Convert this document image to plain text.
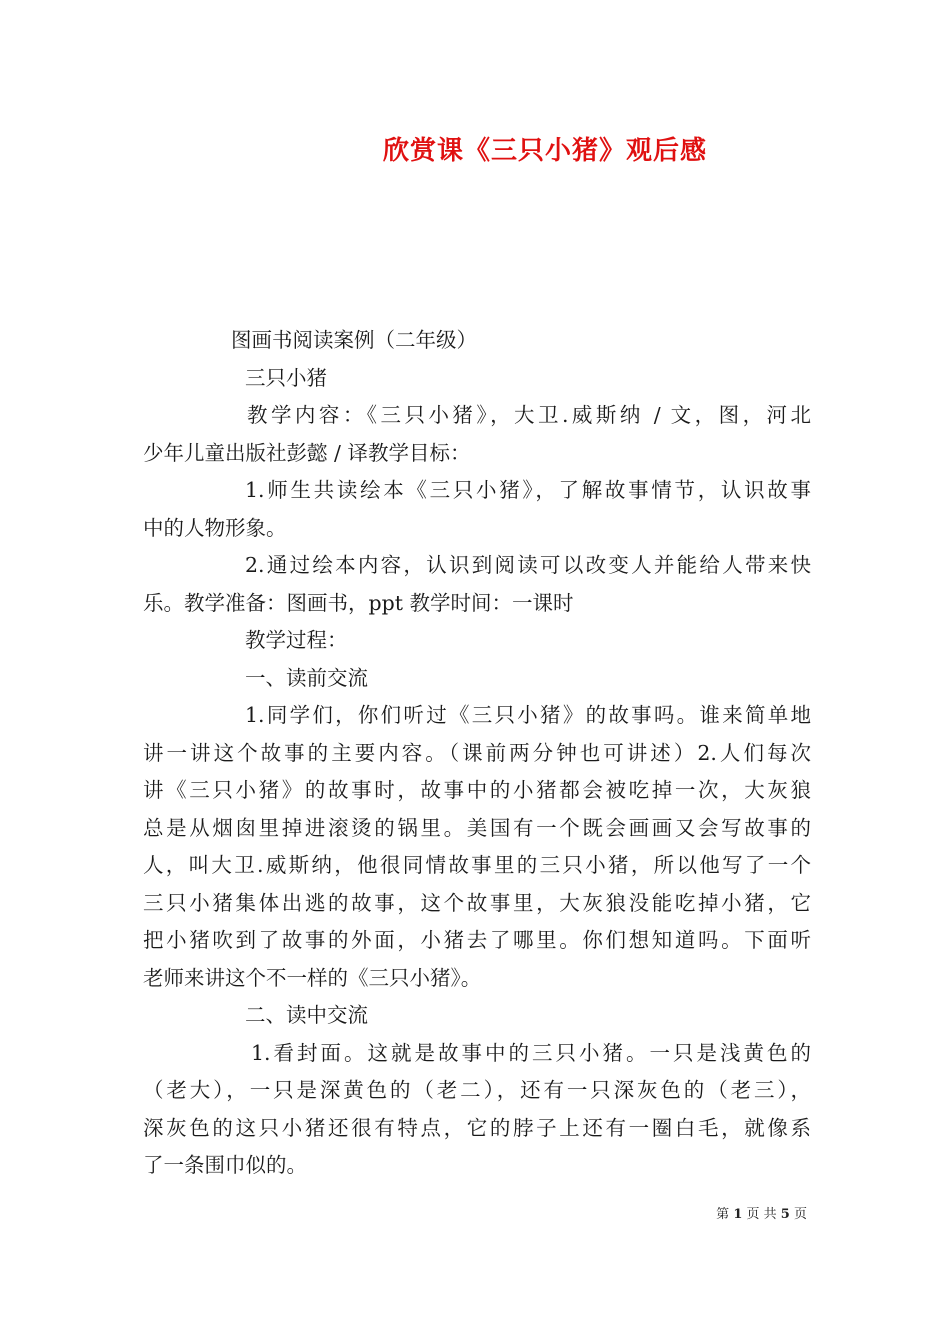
欣赏课《三只小猪》观后感
图画书阅读案例（二年级）
三只小猪
教学内容：《三只小猪》，大卫.威斯纳 / 文，图，河北
少年儿童出版社彭懿 / 译教学目标：
1.师生共读绘本《三只小猪》，了解故事情节，认识故事
中的人物形象。
2.通过绘本内容，认识到阅读可以改变人并能给人带来快
乐。教学准备：图画书，ppt 教学时间：一课时
教学过程：
一、读前交流
1.同学们，你们听过《三只小猪》的故事吗。谁来简单地
讲一讲这个故事的主要内容。（课前两分钟也可讲述）2.人们每次
讲《三只小猪》的故事时，故事中的小猪都会被吃掉一次，大灰狼
总是从烟囱里掉进滚烫的锅里。美国有一个既会画画又会写故事的
人，叫大卫.威斯纳，他很同情故事里的三只小猪，所以他写了一个
三只小猪集体出逃的故事，这个故事里，大灰狼没能吃掉小猪，它
把小猪吹到了故事的外面，小猪去了哪里。你们想知道吗。下面听
老师来讲这个不一样的《三只小猪》。
二、读中交流
1.看封面。这就是故事中的三只小猪。一只是浅黄色的
（老大），一只是深黄色的（老二），还有一只深灰色的（老三），
深灰色的这只小猪还很有特点，它的脖子上还有一圈白毛，就像系
了一条围巾似的。
第 1 页 共 5 页
